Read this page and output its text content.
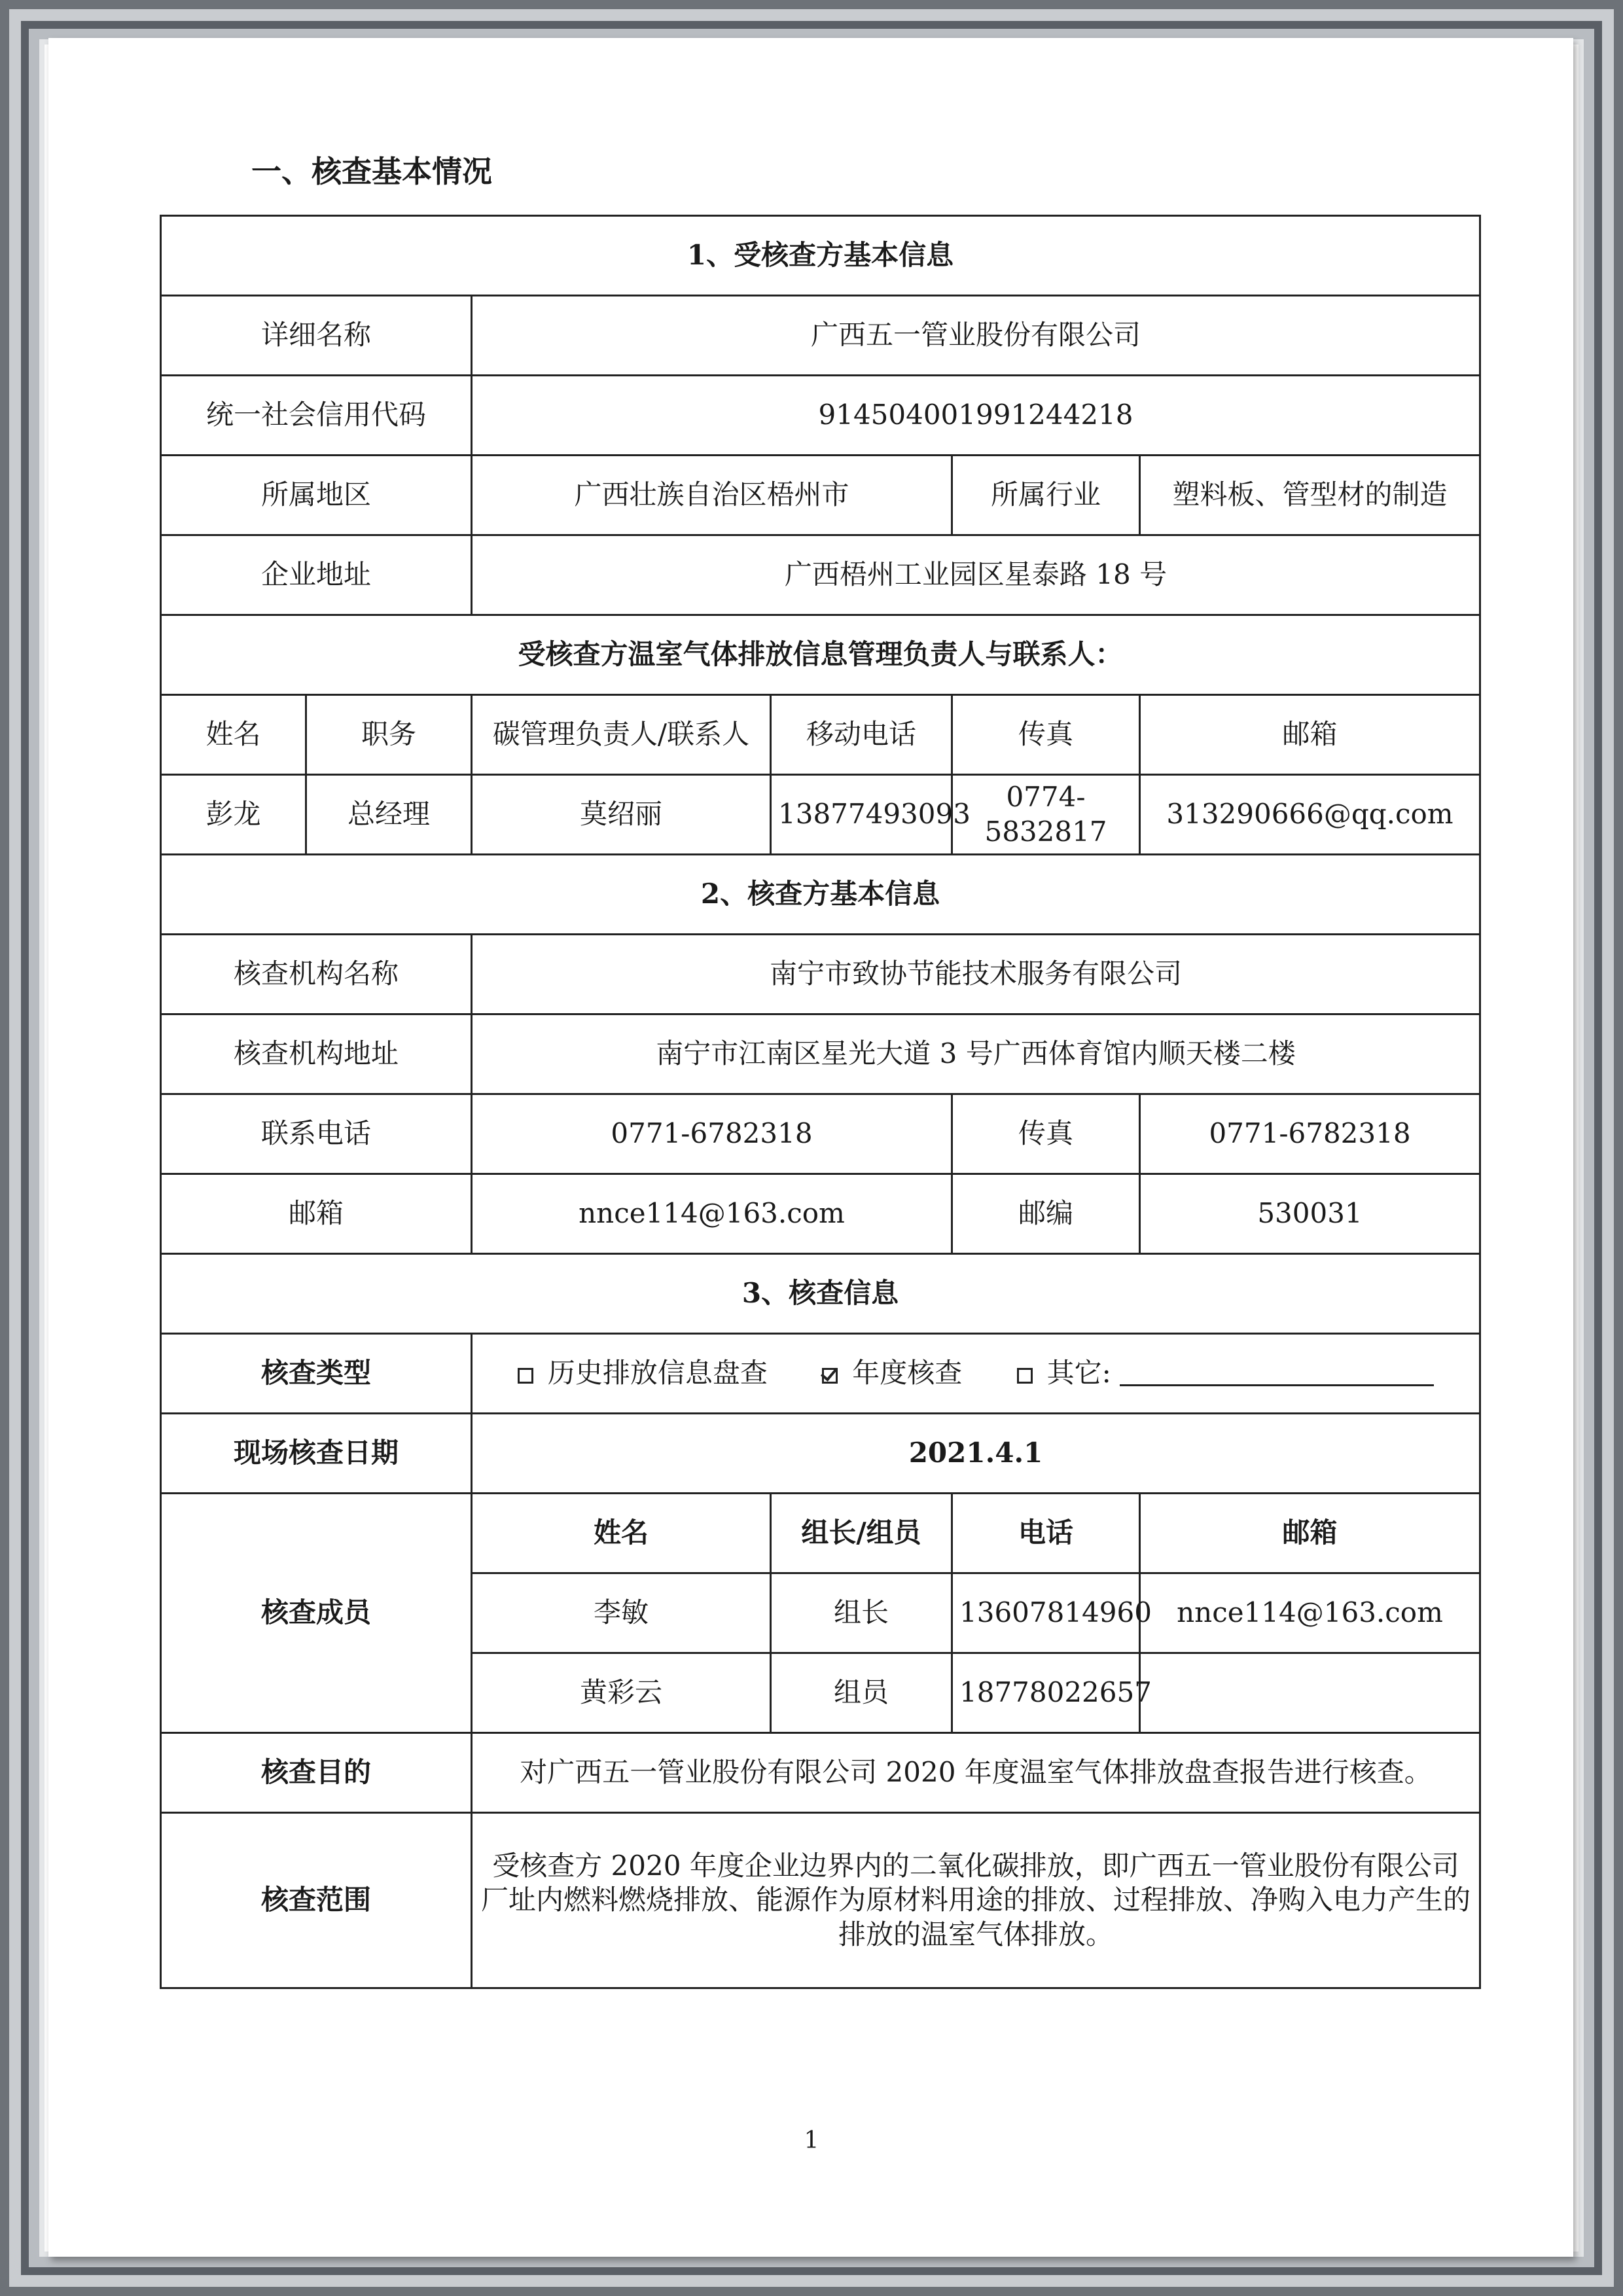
一、核查基本情况
1、受核查方基本信息					
详细名称		广西五一管业股份有限公司			
统一社会信用代码		914504001991244218			
所属地区		广西壮族自治区梧州市		所属行业	塑料板、管型材的制造
企业地址		广西梧州工业园区星泰路 18 号			
受核查方温室气体排放信息管理负责人与联系人：					
姓名	职务	碳管理负责人/联系人	移动电话	传真	邮箱
彭龙	总经理	莫绍丽	13877493093	0774-5832817	313290666@qq.com
2、核查方基本信息					
核查机构名称		南宁市致协节能技术服务有限公司			
核查机构地址		南宁市江南区星光大道 3 号广西体育馆内顺天楼二楼			
联系电话		0771-6782318		传真	0771-6782318
邮箱		nnce114@163.com		邮编	530031
3、核查信息					
核查类型		历史排放信息盘查 年度核查 其它:			
现场核查日期		2021.4.1			
核查成员		姓名	组长/组员	电话	邮箱
		李敏	组长	13607814960	nnce114@163.com
		黄彩云	组员	18778022657	
核查目的		对广西五一管业股份有限公司 2020 年度温室气体排放盘查报告进行核查。			
核查范围		受核查方 2020 年度企业边界内的二氧化碳排放，即广西五一管业股份有限公司厂址内燃料燃烧排放、能源作为原材料用途的排放、过程排放、净购入电力产生的排放的温室气体排放。			
1
